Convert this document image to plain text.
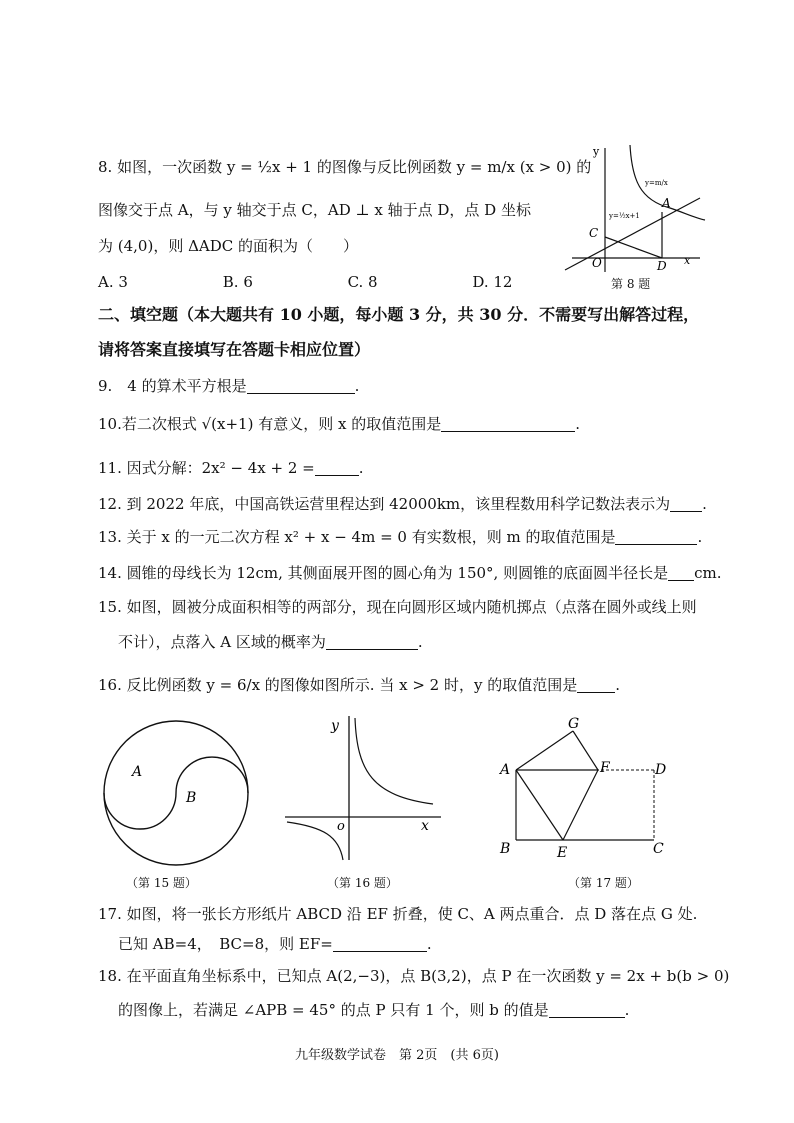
8. 如图，一次函数 y = ½x + 1 的图像与反比例函数 y = m/x (x > 0) 的
图像交于点 A，与 y 轴交于点 C，AD ⊥ x 轴于点 D，点 D 坐标
为 (4,0)，则 ΔADC 的面积为（　　）
A. 3	B. 6	C. 8	D. 12
y
x
O
C
D
A
y=½x+1
y=m/x
第 8 题
二、填空题（本大题共有 10 小题，每小题 3 分，共 30 分．不需要写出解答过程，
请将答案直接填写在答题卡相应位置）
9.　4 的算术平方根是	.
10.若二次根式 √(x+1) 有意义，则 x 的取值范围是	.
11. 因式分解：2x² − 4x + 2 =	.
12. 到 2022 年底，中国高铁运营里程达到 42000km，该里程数用科学记数法表示为 .
13. 关于 x 的一元二次方程 x² + x − 4m = 0 有实数根，则 m 的取值范围是	.
14. 圆锥的母线长为 12cm, 其侧面展开图的圆心角为 150°, 则圆锥的底面圆半径长是 cm.
15. 如图，圆被分成面积相等的两部分，现在向圆形区域内随机掷点（点落在圆外或线上则
不计），点落入 A 区域的概率为	.
16. 反比例函数 y = 6/x 的图像如图所示. 当 x > 2 时，y 的取值范围是	.
A
B
（第 15 题）
y
x
o
（第 16 题）
G
A	F	D
B	E	C
（第 17 题）
17. 如图，将一张长方形纸片 ABCD 沿 EF 折叠，使 C、A 两点重合．点 D 落在点 G 处.
已知 AB=4，　BC=8，则 EF=	.
18. 在平面直角坐标系中，已知点 A(2,−3)，点 B(3,2)，点 P 在一次函数 y = 2x + b(b > 0)
的图像上，若满足 ∠APB = 45° 的点 P 只有 1 个，则 b 的值是	.
九年级数学试卷　第 2页　(共 6页)
